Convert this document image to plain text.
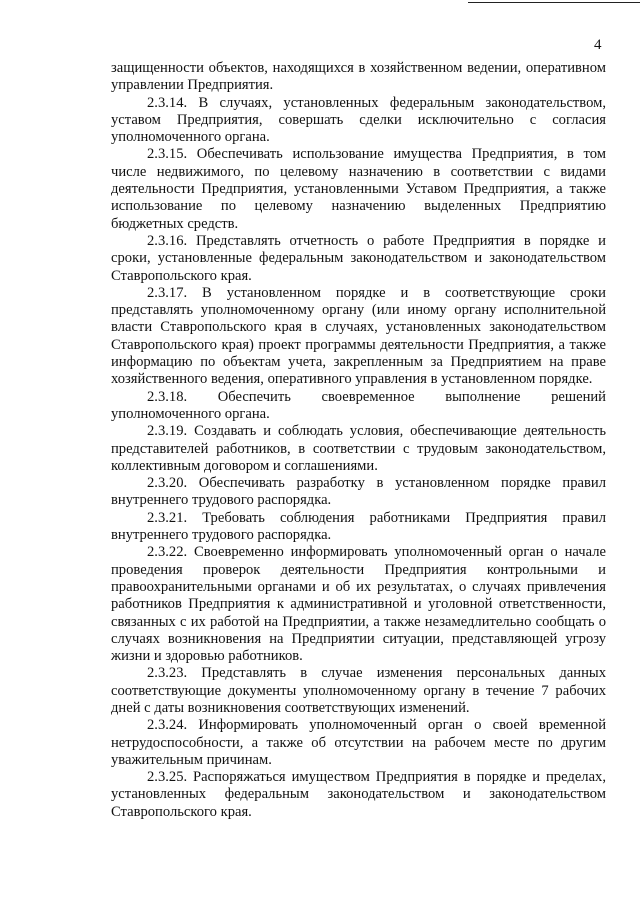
4

защищенности объектов, находящихся в хозяйственном ведении, оперативном управлении Предприятия.

2.3.14. В случаях, установленных федеральным законодательством, уставом Предприятия, совершать сделки исключительно с согласия уполномоченного органа.

2.3.15. Обеспечивать использование имущества Предприятия, в том числе недвижимого, по целевому назначению в соответствии с видами деятельности Предприятия, установленными Уставом Предприятия, а также использование по целевому назначению выделенных Предприятию бюджетных средств.

2.3.16. Представлять отчетность о работе Предприятия в порядке и сроки, установленные федеральным законодательством и законодательством Ставропольского края.

2.3.17. В установленном порядке и в соответствующие сроки представлять уполномоченному органу (или иному органу исполнительной власти Ставропольского края в случаях, установленных законодательством Ставропольского края) проект программы деятельности Предприятия, а также информацию по объектам учета, закрепленным за Предприятием на праве хозяйственного ведения, оперативного управления в установленном порядке.

2.3.18. Обеспечить своевременное выполнение решений уполномоченного органа.

2.3.19. Создавать и соблюдать условия, обеспечивающие деятельность представителей работников, в соответствии с трудовым законодательством, коллективным договором и соглашениями.

2.3.20. Обеспечивать разработку в установленном порядке правил внутреннего трудового распорядка.

2.3.21. Требовать соблюдения работниками Предприятия правил внутреннего трудового распорядка.

2.3.22. Своевременно информировать уполномоченный орган о начале проведения проверок деятельности Предприятия контрольными и правоохранительными органами и об их результатах, о случаях привлечения работников Предприятия к административной и уголовной ответственности, связанных с их работой на Предприятии, а также незамедлительно сообщать о случаях возникновения на Предприятии ситуации, представляющей угрозу жизни и здоровью работников.

2.3.23. Представлять в случае изменения персональных данных соответствующие документы уполномоченному органу в течение 7 рабочих дней с даты возникновения соответствующих изменений.

2.3.24. Информировать уполномоченный орган о своей временной нетрудоспособности, а также об отсутствии на рабочем месте по другим уважительным причинам.

2.3.25. Распоряжаться имуществом Предприятия в порядке и пределах, установленных федеральным законодательством и законодательством Ставропольского края.
